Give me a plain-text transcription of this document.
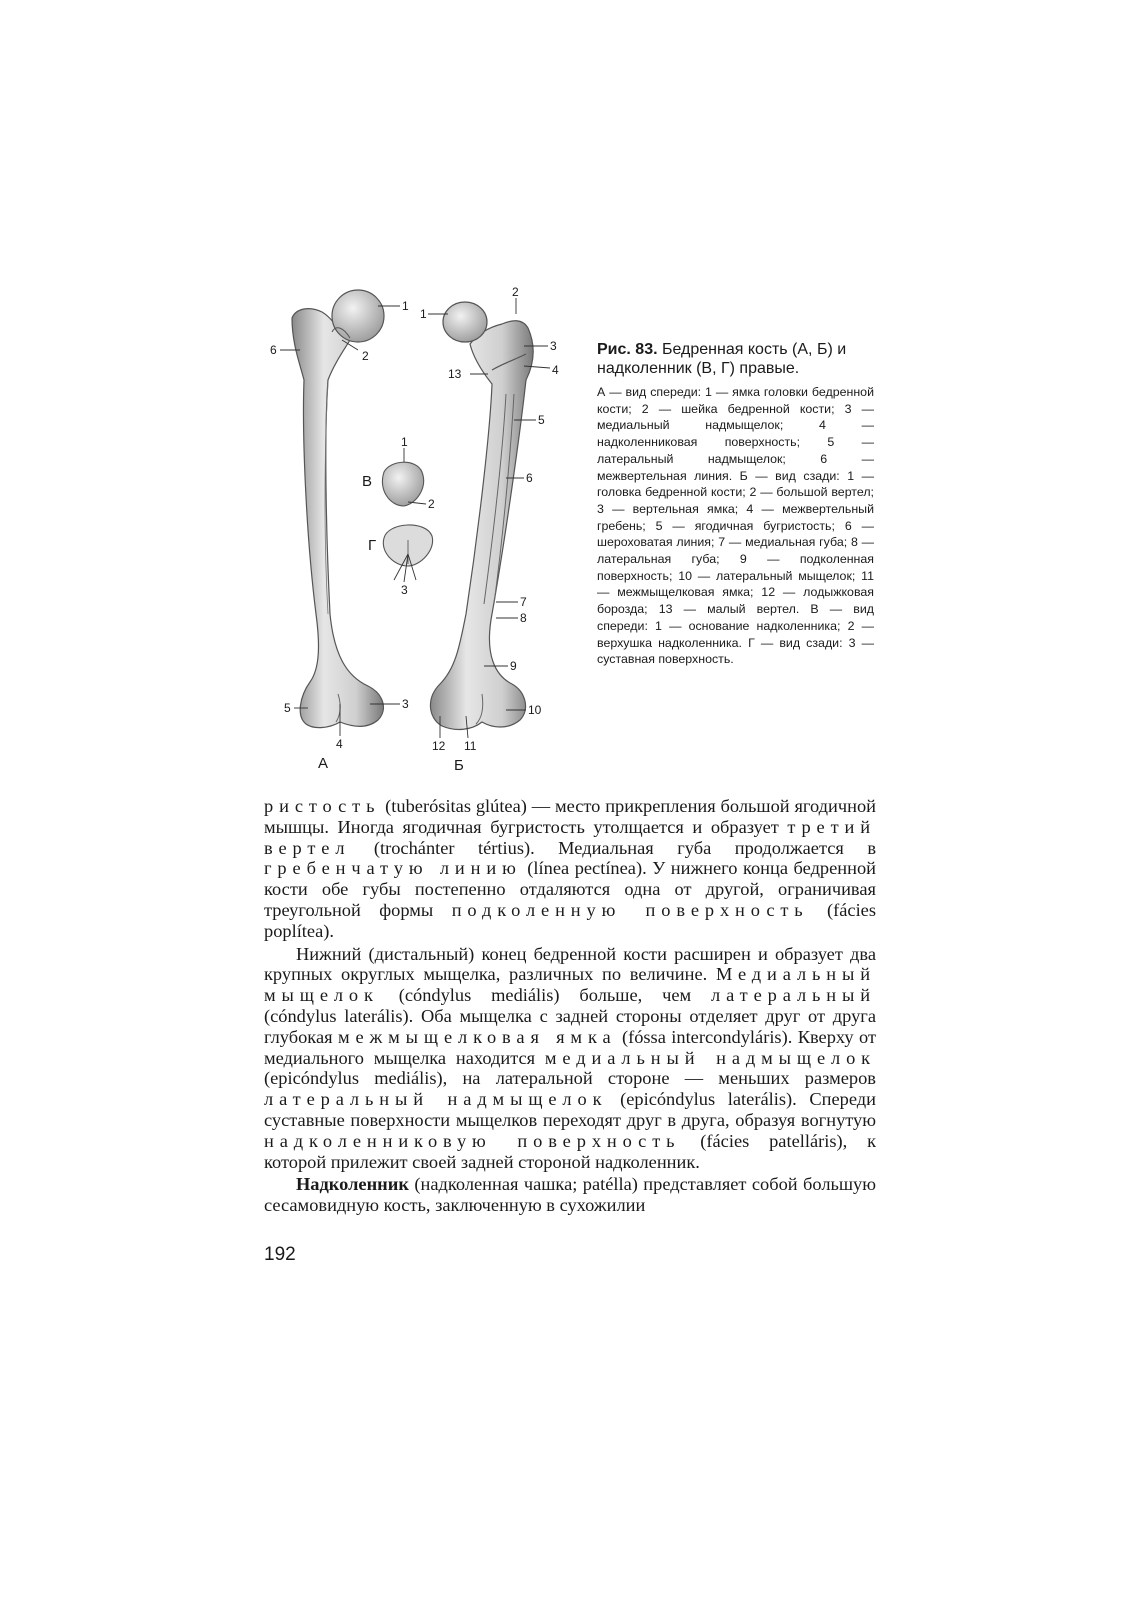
1
2
6
5	3
4
1
2
3
4
13
5
6
7
8
9
10
12 11
1
2
3
В
Г
А	Б

Рис. 83. Бедренная кость (А, Б) и надколенник (В, Г) правые.

А — вид спереди: 1 — ямка головки бедренной кости; 2 — шейка бедренной кости; 3 — медиальный надмыщелок; 4 — надколенниковая поверхность; 5 — латеральный надмыщелок; 6 — межвертельная линия. Б — вид сзади: 1 — головка бедренной кости; 2 — большой вертел; 3 — вертельная ямка; 4 — межвертельный гребень; 5 — ягодичная бугристость; 6 — шероховатая линия; 7 — медиальная губа; 8 — латеральная губа; 9 — подколенная поверхность; 10 — латеральный мыщелок; 11 — межмыщелковая ямка; 12 — лодыжковая борозда; 13 — малый вертел. В — вид спереди: 1 — основание надколенника; 2 — верхушка надколенника. Г — вид сзади: 3 — суставная поверхность.

ристость (tuberósitas glútea) — место прикрепления большой ягодичной мышцы. Иногда ягодичная бугристость утолщается и образует третий вертел (trochánter tértius). Медиальная губа продолжается в гребенчатую линию (línea pectínea). У нижнего конца бедренной кости обе губы постепенно отдаляются одна от другой, ограничивая треугольной формы подколенную поверхность (fácies poplítea).

Нижний (дистальный) конец бедренной кости расширен и образует два крупных округлых мыщелка, различных по величине. Медиальный мыщелок (cóndylus mediális) больше, чем латеральный (cóndylus laterális). Оба мыщелка с задней стороны отделяет друг от друга глубокая межмыщелковая ямка (fóssa intercondyláris). Кверху от медиального мыщелка находится медиальный надмыщелок (epicóndylus mediális), на латеральной стороне — меньших размеров латеральный надмыщелок (epicóndylus laterális). Спереди суставные поверхности мыщелков переходят друг в друга, образуя вогнутую надколенниковую поверхность (fácies patelláris), к которой прилежит своей задней стороной надколенник.

Надколенник (надколенная чашка; patélla) представляет собой большую сесамовидную кость, заключенную в сухожилии

192
